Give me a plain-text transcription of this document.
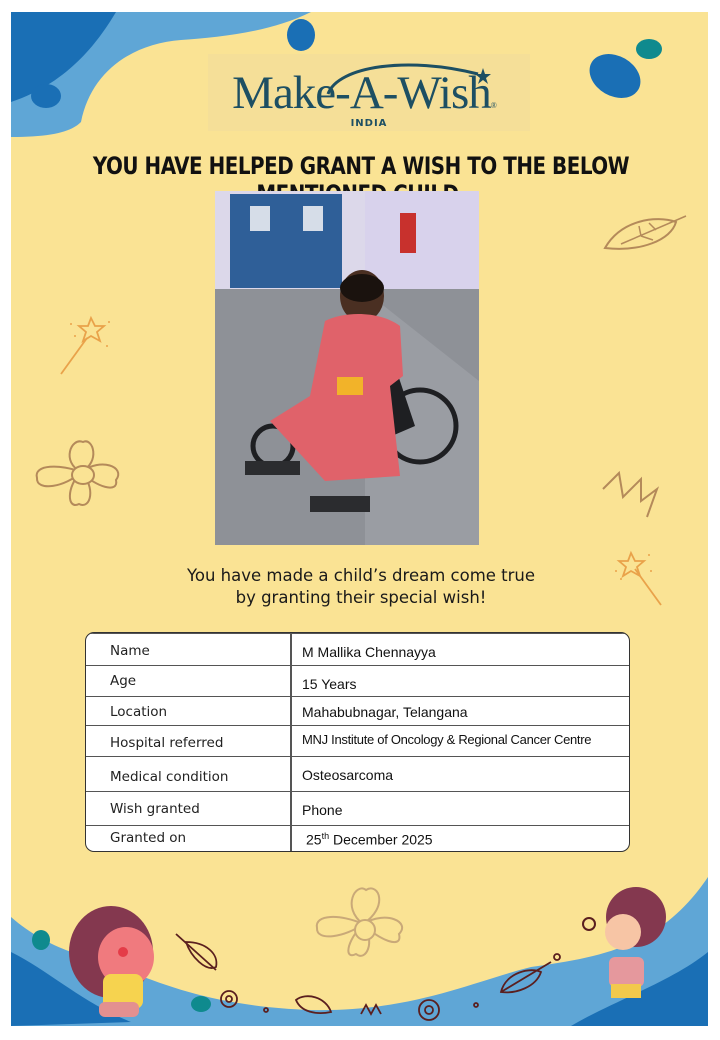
Make-A-Wish®
INDIA
YOU HAVE HELPED GRANT A WISH TO THE BELOW
You have made a child’s dream come true
by granting their special wish!
Name	M Mallika Chennayya
Age	15 Years
Location	Mahabubnagar, Telangana
Hospital referred	MNJ Institute of Oncology & Regional Cancer Centre
Medical condition	Osteosarcoma
Wish granted	Phone
Granted on	25th December 2025
